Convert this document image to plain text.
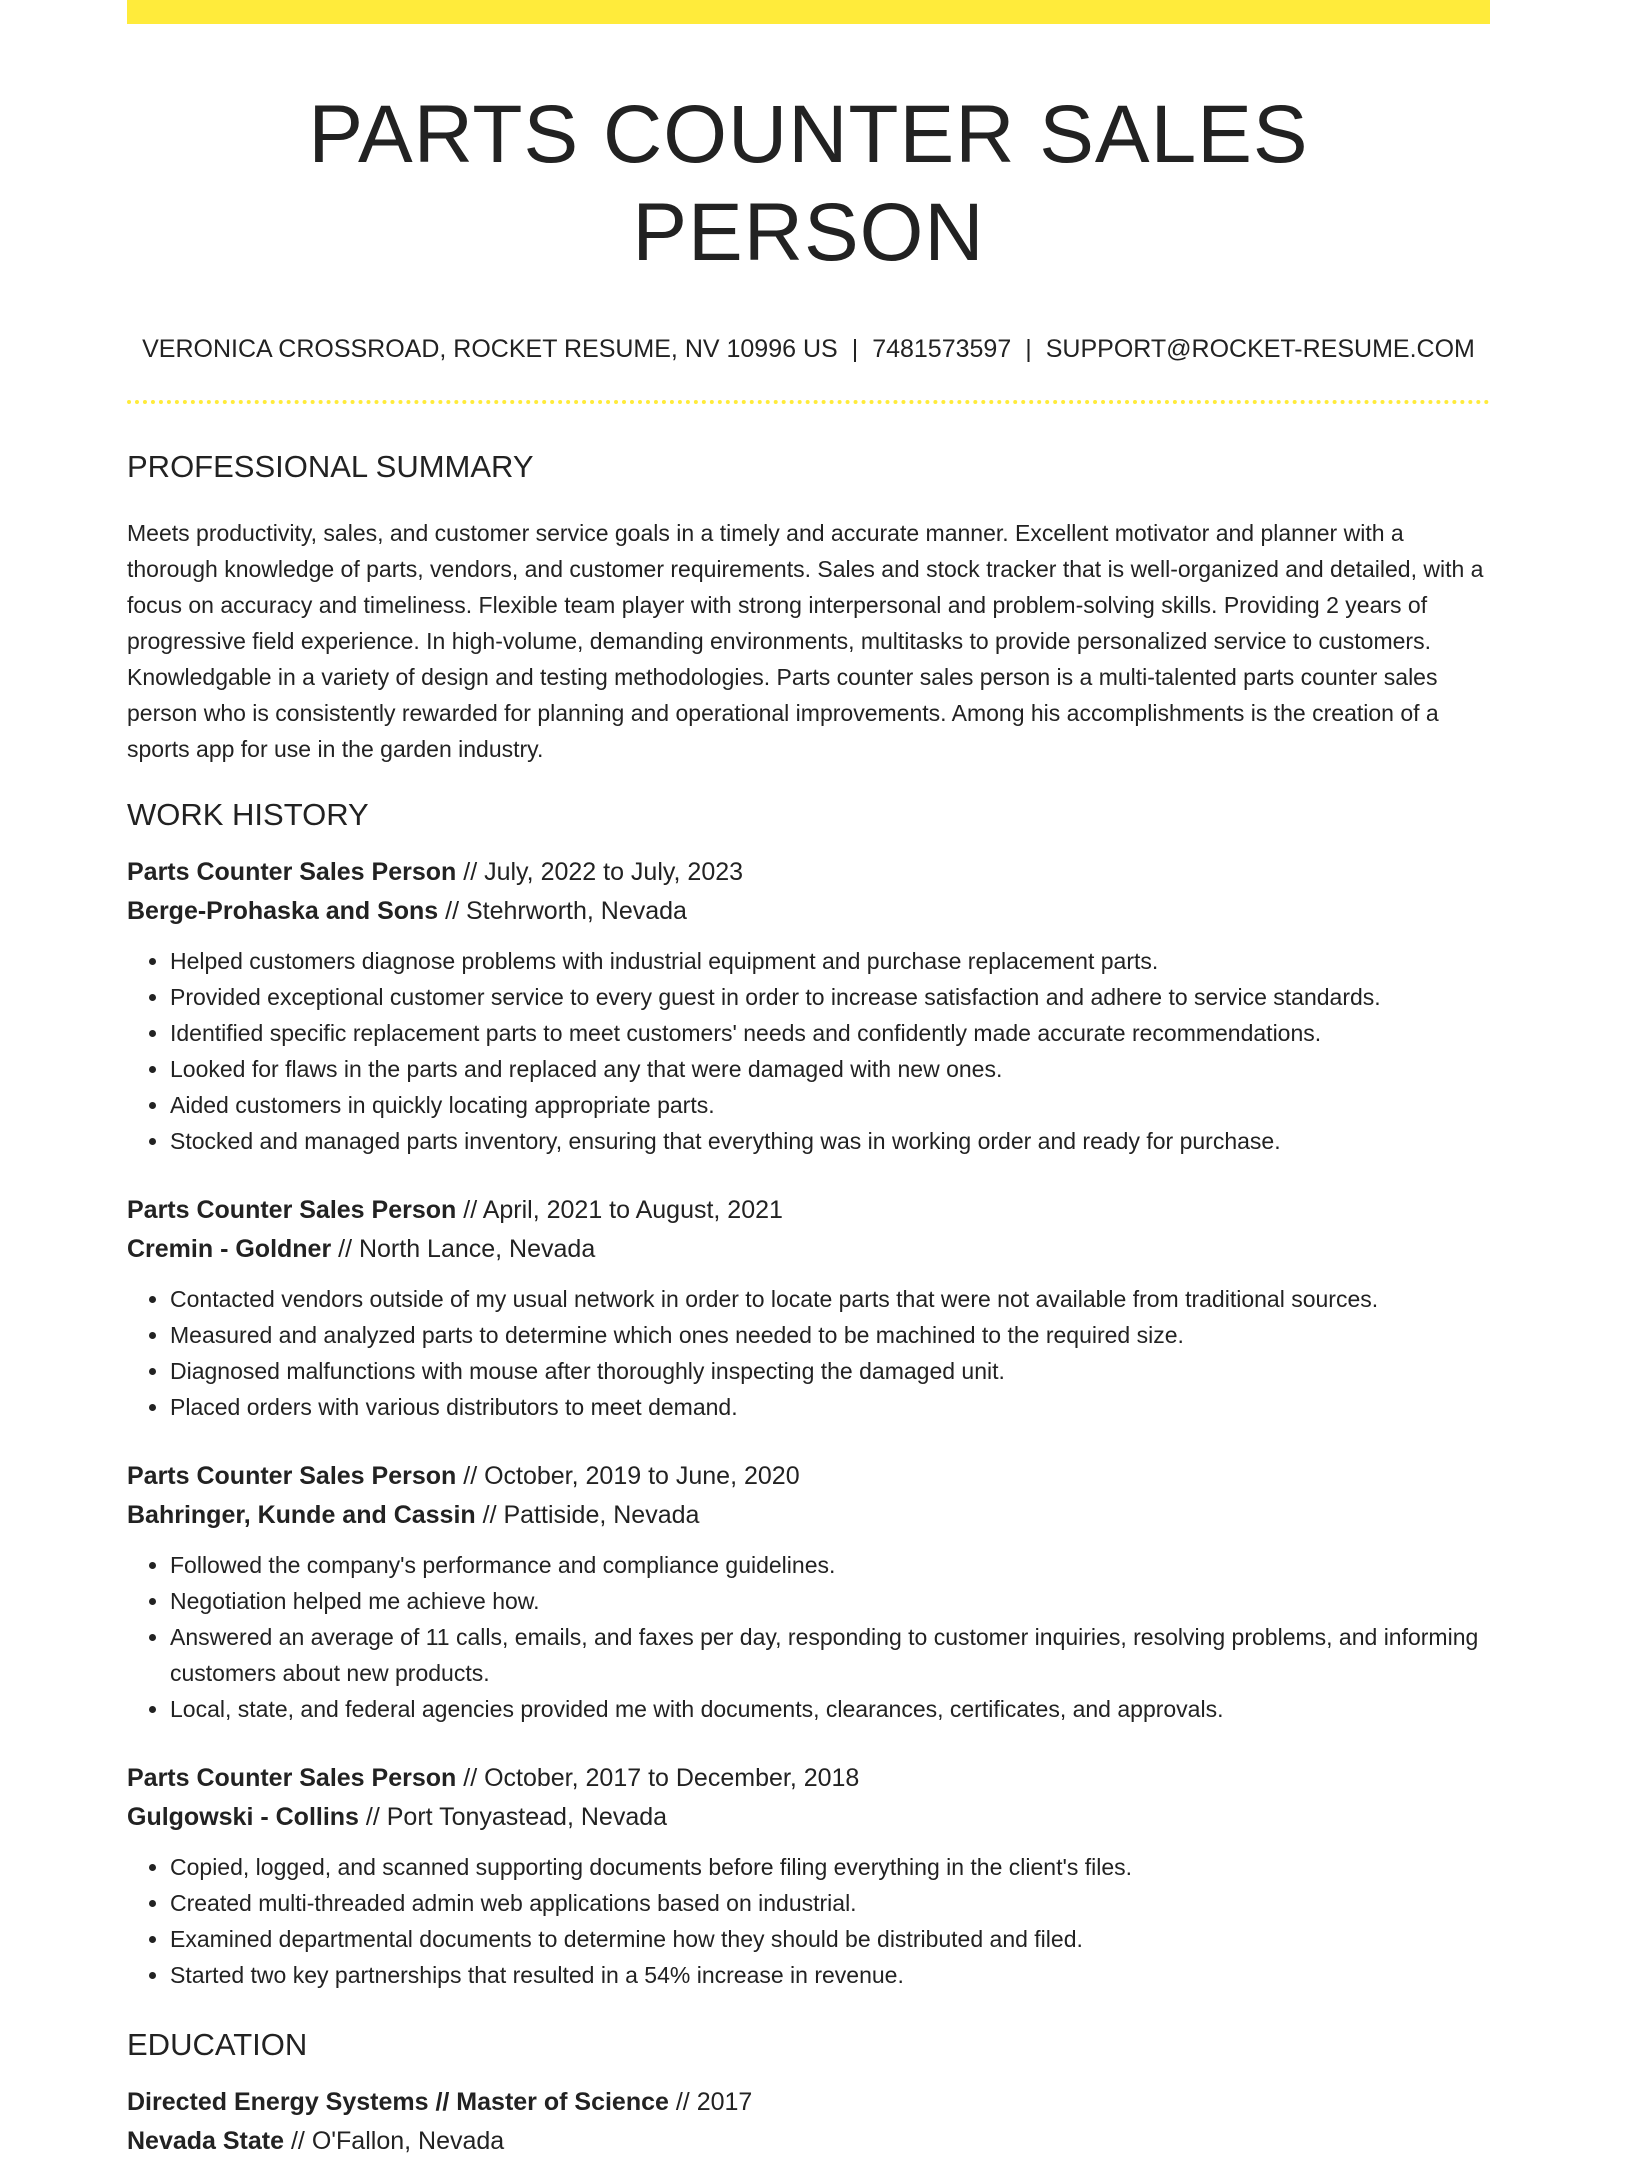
PARTS COUNTER SALES PERSON
VERONICA CROSSROAD, ROCKET RESUME, NV 10996 US | 7481573597 | SUPPORT@ROCKET-RESUME.COM
PROFESSIONAL SUMMARY
Meets productivity, sales, and customer service goals in a timely and accurate manner. Excellent motivator and planner with a thorough knowledge of parts, vendors, and customer requirements. Sales and stock tracker that is well-organized and detailed, with a focus on accuracy and timeliness. Flexible team player with strong interpersonal and problem-solving skills. Providing 2 years of progressive field experience. In high-volume, demanding environments, multitasks to provide personalized service to customers. Knowledgable in a variety of design and testing methodologies. Parts counter sales person is a multi-talented parts counter sales person who is consistently rewarded for planning and operational improvements. Among his accomplishments is the creation of a sports app for use in the garden industry.
WORK HISTORY
Parts Counter Sales Person // July, 2022 to July, 2023
Berge-Prohaska and Sons // Stehrworth, Nevada
• Helped customers diagnose problems with industrial equipment and purchase replacement parts.
• Provided exceptional customer service to every guest in order to increase satisfaction and adhere to service standards.
• Identified specific replacement parts to meet customers' needs and confidently made accurate recommendations.
• Looked for flaws in the parts and replaced any that were damaged with new ones.
• Aided customers in quickly locating appropriate parts.
• Stocked and managed parts inventory, ensuring that everything was in working order and ready for purchase.
Parts Counter Sales Person // April, 2021 to August, 2021
Cremin - Goldner // North Lance, Nevada
• Contacted vendors outside of my usual network in order to locate parts that were not available from traditional sources.
• Measured and analyzed parts to determine which ones needed to be machined to the required size.
• Diagnosed malfunctions with mouse after thoroughly inspecting the damaged unit.
• Placed orders with various distributors to meet demand.
Parts Counter Sales Person // October, 2019 to June, 2020
Bahringer, Kunde and Cassin // Pattiside, Nevada
• Followed the company's performance and compliance guidelines.
• Negotiation helped me achieve how.
• Answered an average of 11 calls, emails, and faxes per day, responding to customer inquiries, resolving problems, and informing customers about new products.
• Local, state, and federal agencies provided me with documents, clearances, certificates, and approvals.
Parts Counter Sales Person // October, 2017 to December, 2018
Gulgowski - Collins // Port Tonyastead, Nevada
• Copied, logged, and scanned supporting documents before filing everything in the client's files.
• Created multi-threaded admin web applications based on industrial.
• Examined departmental documents to determine how they should be distributed and filed.
• Started two key partnerships that resulted in a 54% increase in revenue.
EDUCATION
Directed Energy Systems // Master of Science // 2017
Nevada State // O'Fallon, Nevada
